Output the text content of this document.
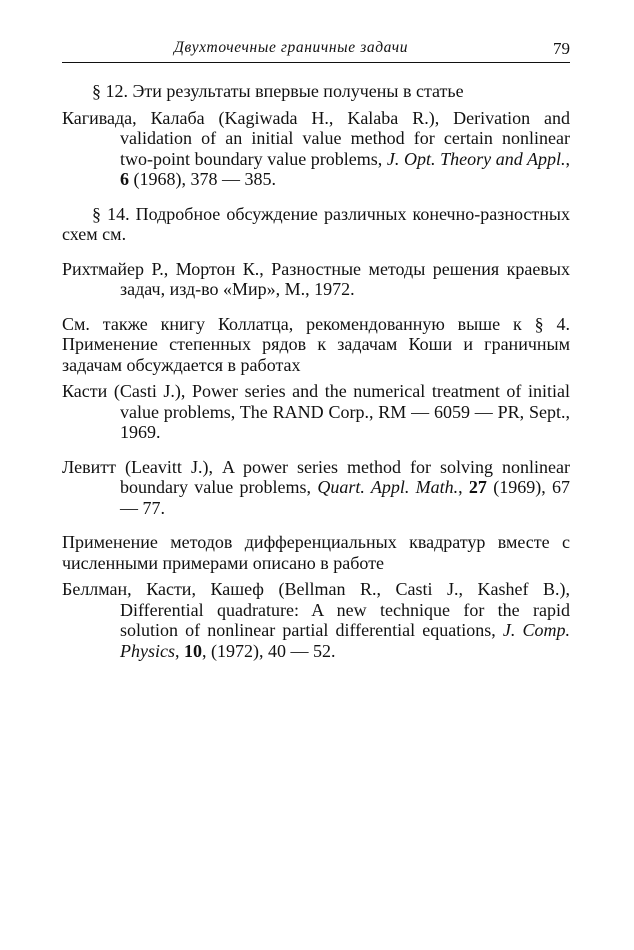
Двухточечные граничные задачи	79

§ 12. Эти результаты впервые получены в статье

Кагивада, Калаба (Kagiwada H., Kalaba R.), Derivation and validation of an initial value method for certain nonlinear two-point boundary value problems, J. Opt. Theory and Appl., 6 (1968), 378 — 385.

§ 14. Подробное обсуждение различных конечно-разностных схем см.

Рихтмайер Р., Мортон К., Разностные методы решения краевых задач, изд-во «Мир», М., 1972.

См. также книгу Коллатца, рекомендованную выше к § 4. Применение степенных рядов к задачам Коши и граничным задачам обсуждается в работах

Касти (Casti J.), Power series and the numerical treatment of initial value problems, The RAND Corp., RM — 6059 — PR, Sept., 1969.

Левитт (Leavitt J.), A power series method for solving nonlinear boundary value problems, Quart. Appl. Math., 27 (1969), 67 — 77.

Применение методов дифференциальных квадратур вместе с численными примерами описано в работе

Беллман, Касти, Кашеф (Bellman R., Casti J., Kashef B.), Differential quadrature: A new technique for the rapid solution of nonlinear partial differential equations, J. Comp. Physics, 10, (1972), 40 — 52.
